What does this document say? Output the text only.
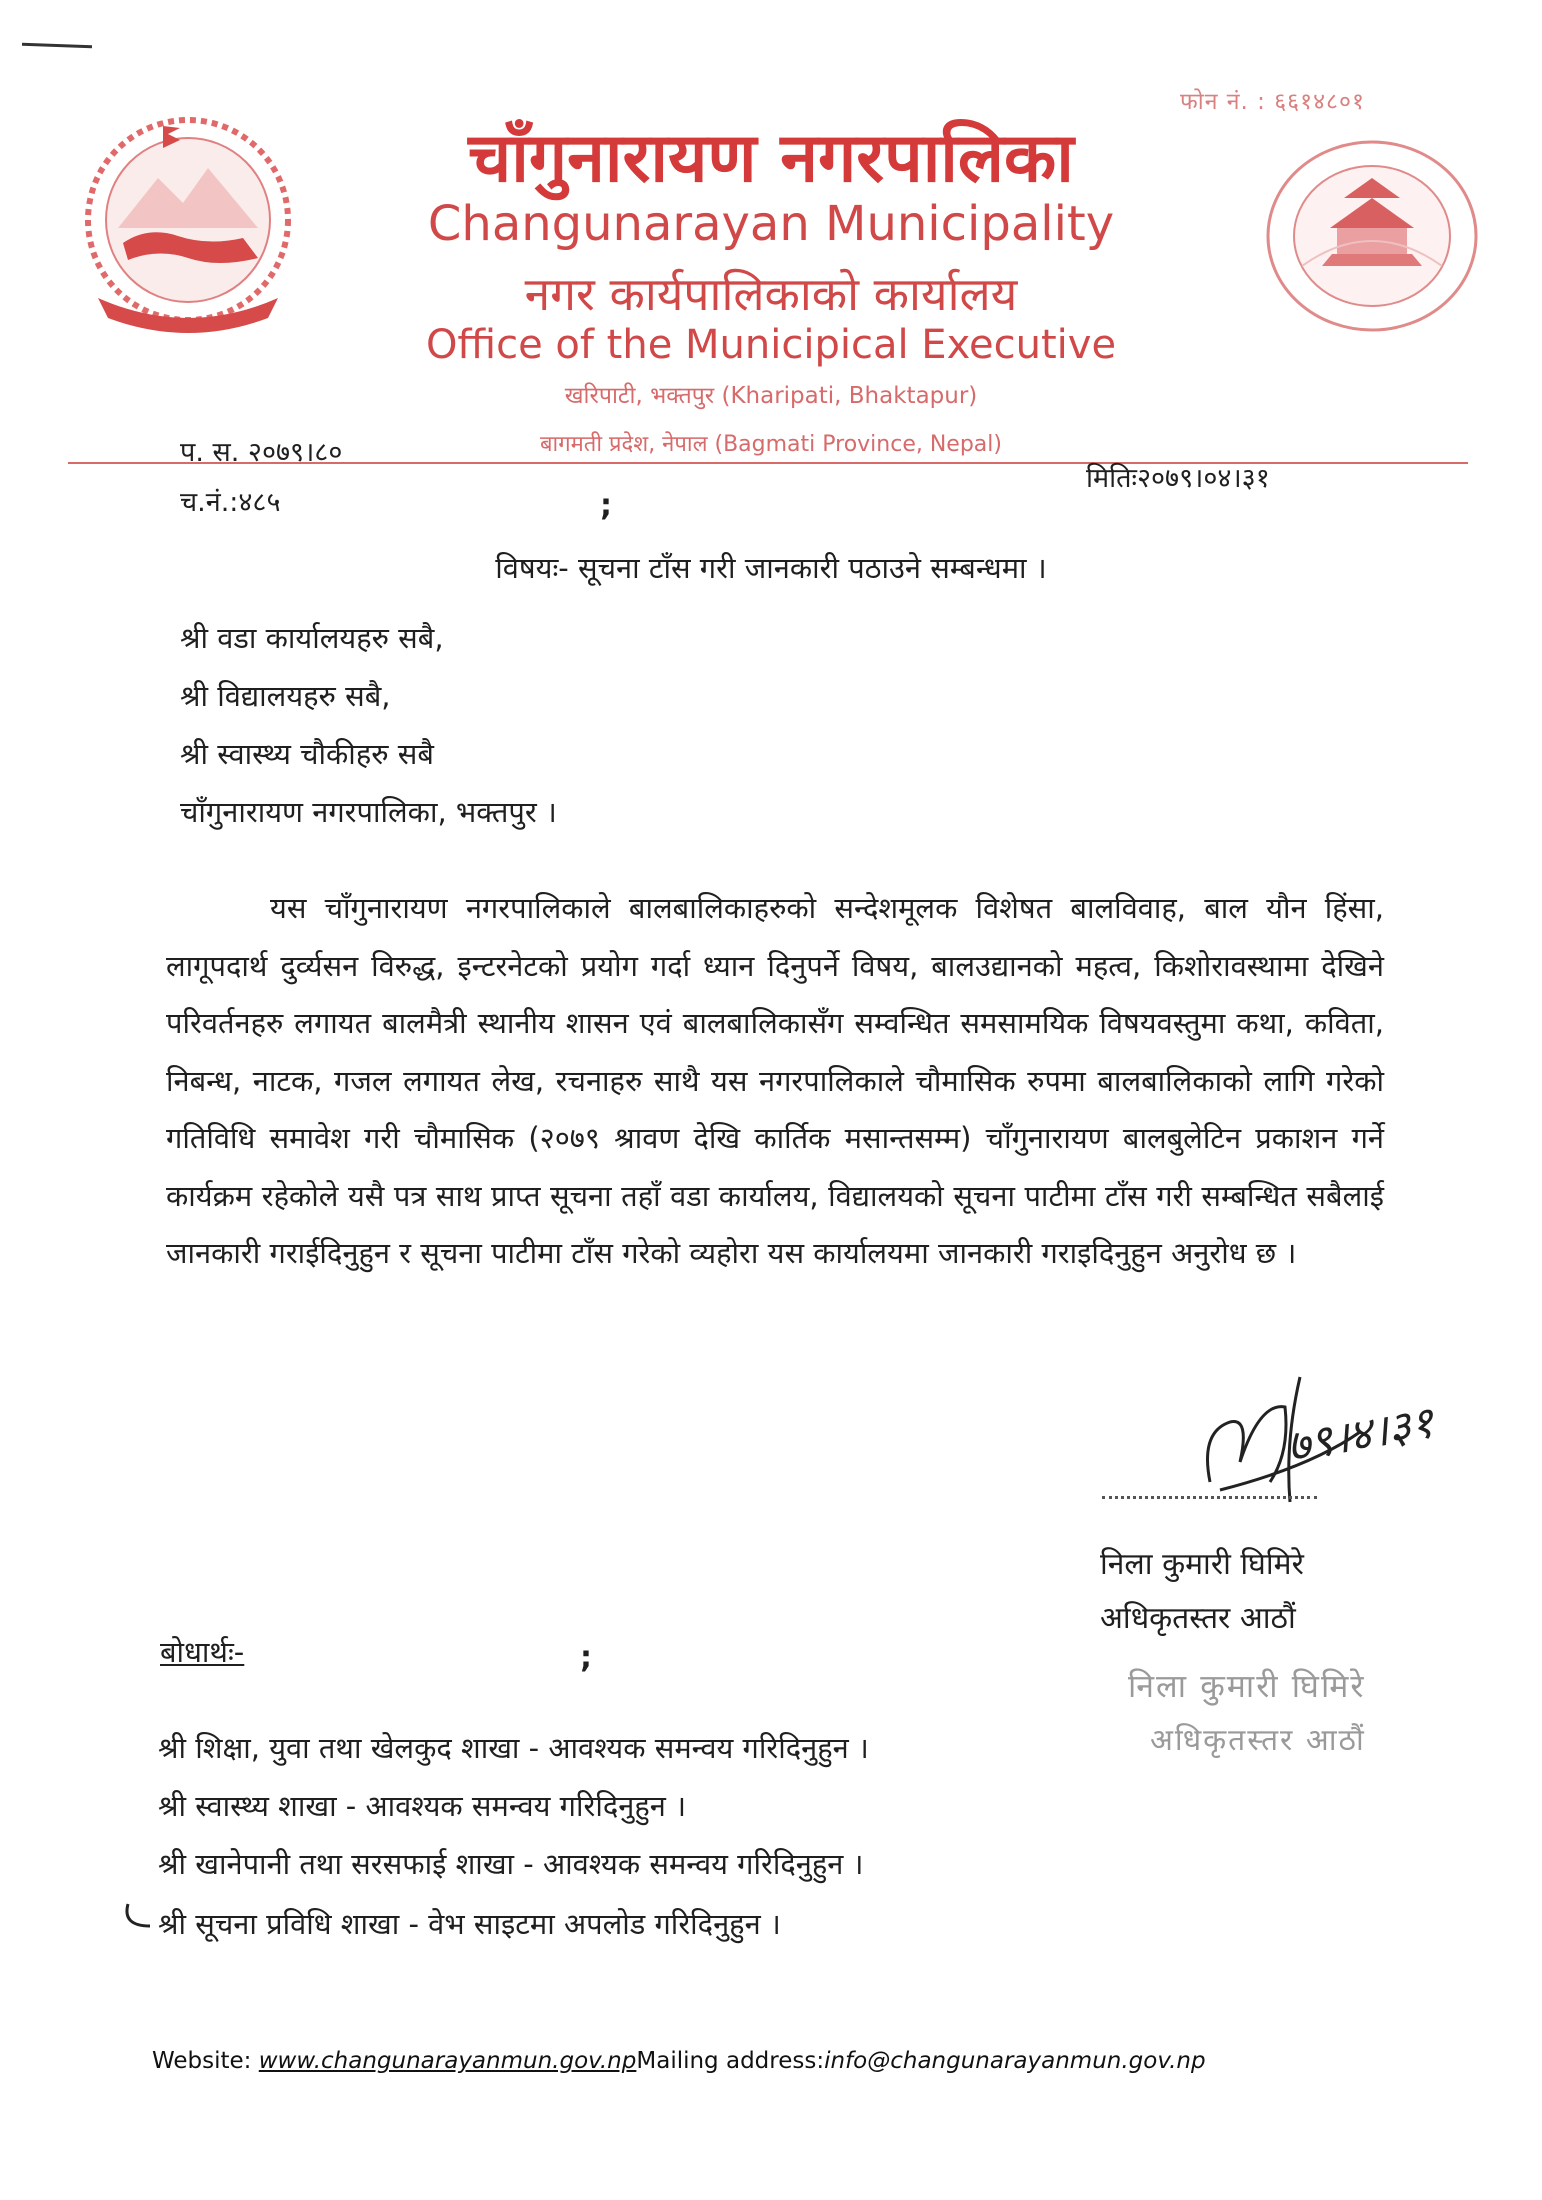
फोन नं. : ६६१४८०१
चाँगुनारायण नगरपालिका
Changunarayan Municipality
नगर कार्यपालिकाको कार्यालय
Office of the Municipical Executive
खरिपाटी, भक्तपुर (Kharipati, Bhaktapur)
बागमती प्रदेश, नेपाल (Bagmati Province, Nepal)
प. स. २०७९।८०
च.नं.:४८५
मितिः२०७९।०४।३१
;
विषयः- सूचना टाँस गरी जानकारी पठाउने सम्बन्धमा ।
श्री वडा कार्यालयहरु सबै,
श्री विद्यालयहरु सबै,
श्री स्वास्थ्य चौकीहरु सबै
चाँगुनारायण नगरपालिका, भक्तपुर ।

यस चाँगुनारायण नगरपालिकाले बालबालिकाहरुको सन्देशमूलक विशेषत बालविवाह, बाल यौन हिंसा, लागूपदार्थ दुर्व्यसन विरुद्ध, इन्टरनेटको प्रयोग गर्दा ध्यान दिनुपर्ने विषय, बालउद्यानको महत्व, किशोरावस्थामा देखिने परिवर्तनहरु लगायत बालमैत्री स्थानीय शासन एवं बालबालिकासँग सम्वन्धित समसामयिक विषयवस्तुमा कथा, कविता, निबन्ध, नाटक, गजल लगायत लेख, रचनाहरु साथै यस नगरपालिकाले चौमासिक रुपमा बालबालिकाको लागि गरेको गतिविधि समावेश गरी चौमासिक (२०७९ श्रावण देखि कार्तिक मसान्तसम्म) चाँगुनारायण बालबुलेटिन प्रकाशन गर्ने कार्यक्रम रहेकोले यसै पत्र साथ प्राप्त सूचना तहाँ वडा कार्यालय, विद्यालयको सूचना पाटीमा टाँस गरी सम्बन्धित सबैलाई जानकारी गराईदिनुहुन र सूचना पाटीमा टाँस गरेको व्यहोरा यस कार्यालयमा जानकारी गराइदिनुहुन अनुरोध छ ।

७९।४।३१
निला कुमारी घिमिरे
अधिकृतस्तर आठौं
निला कुमारी घिमिरे
अधिकृतस्तर आठौं
बोधार्थः-	;
श्री शिक्षा, युवा तथा खेलकुद शाखा - आवश्यक समन्वय गरिदिनुहुन ।
श्री स्वास्थ्य शाखा - आवश्यक समन्वय गरिदिनुहुन ।
श्री खानेपानी तथा सरसफाई शाखा - आवश्यक समन्वय गरिदिनुहुन ।
श्री सूचना प्रविधि शाखा - वेभ साइटमा अपलोड गरिदिनुहुन ।
Website: www.changunarayanmun.gov.npMailing address:info@changunarayanmun.gov.np
